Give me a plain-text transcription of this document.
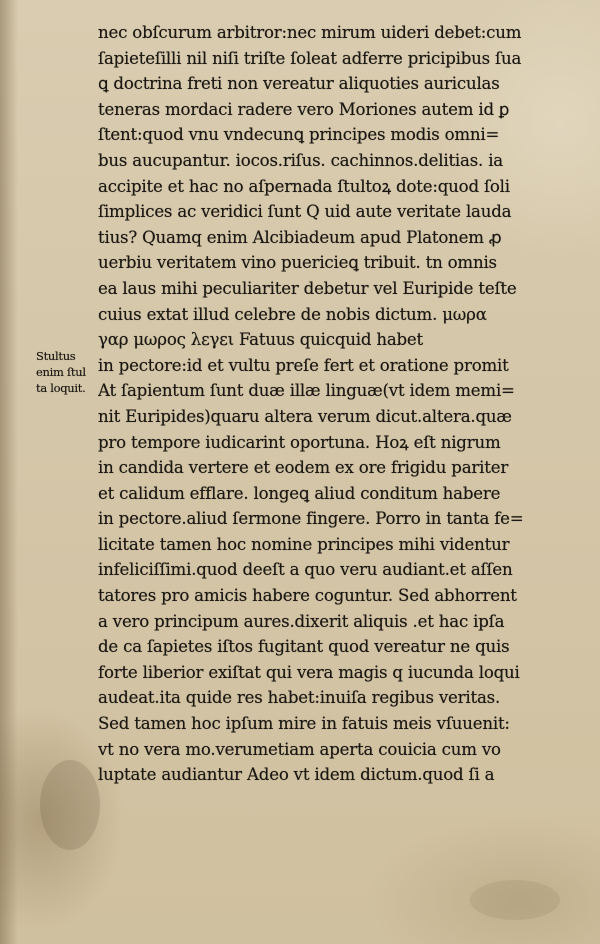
Stultus
enim ſtul
ta loquit.
nec obſcurum arbitror:nec mirum uideri debet:cum
ſapieteſilli nil niſi triſte ſoleat adferre pricipibus ſua
ꝗ doctrina freti non vereatur aliquoties auriculas
teneras mordaci radere vero Moriones autem id ꝑ
ſtent:quod vnu vndecunꝗ principes modis omni=
bus aucupantur. iocos.riſus. cachinnos.delitias. ia
accipite et hac no aſpernada ſtultoꝝ dote:quod ſoli
ſimplices ac veridici ſunt Q uid aute veritate lauda
tius? Quamq enim Alcibiadeum apud Platonem ꝓ
uerbiu veritatem vino puericieꝗ tribuit. tn omnis
ea laus mihi peculiariter debetur vel Euripide teſte
cuius extat illud celebre de nobis dictum. μωρα
γαρ μωρος λεγει Fatuus quicquid habet
in pectore:id et vultu preſe fert et oratione promit
At ſapientum ſunt duæ illæ linguæ(vt idem memi=
nit Euripides)quaru altera verum dicut.altera.quæ
pro tempore iudicarint oportuna. Hoꝝ eſt nigrum
in candida vertere et eodem ex ore frigidu pariter
et calidum efflare. longeꝗ aliud conditum habere
in pectore.aliud ſermone fingere. Porro in tanta fe=
licitate tamen hoc nomine principes mihi videntur
infeliciſſimi.quod deeſt a quo veru audiant.et aſſen
tatores pro amicis habere coguntur. Sed abhorrent
a vero principum aures.dixerit aliquis .et hac ipſa
de ca ſapietes iſtos fugitant quod vereatur ne quis
forte liberior exiſtat qui vera magis q iucunda loqui
audeat.ita quide res habet:inuiſa regibus veritas.
Sed tamen hoc ipſum mire in fatuis meis vſuuenit:
vt no vera mo.verumetiam aperta couicia cum vo
luptate audiantur Adeo vt idem dictum.quod ſi a
